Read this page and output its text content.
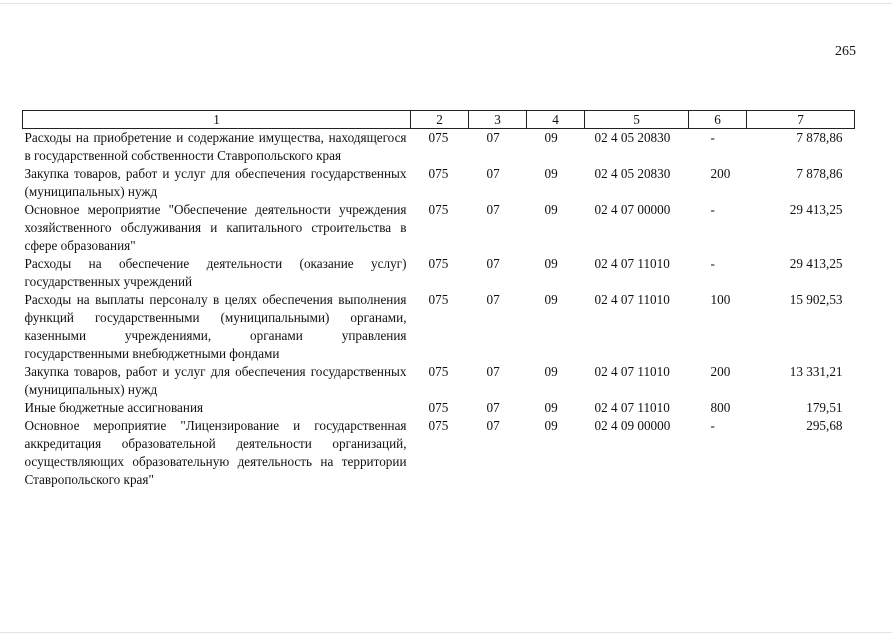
265
1	2	3	4	5	6	7
Расходы на приобретение и содержание имущества, находящегося в государственной собственности Ставропольского края	075	07	09	02 4 05 20830	-	7 878,86
Закупка товаров, работ и услуг для обеспечения государственных (муниципальных) нужд	075	07	09	02 4 05 20830	200	7 878,86
Основное мероприятие "Обеспечение деятельности учреждения хозяйственного обслуживания и капитального строительства в сфере образования"	075	07	09	02 4 07 00000	-	29 413,25
Расходы на обеспечение деятельности (оказание услуг) государственных учреждений	075	07	09	02 4 07 11010	-	29 413,25
Расходы на выплаты персоналу в целях обеспечения выполнения функций государственными (муниципальными) органами, казенными учреждениями, органами управления государственными внебюджетными фондами	075	07	09	02 4 07 11010	100	15 902,53
Закупка товаров, работ и услуг для обеспечения государственных (муниципальных) нужд	075	07	09	02 4 07 11010	200	13 331,21
Иные бюджетные ассигнования	075	07	09	02 4 07 11010	800	179,51
Основное мероприятие "Лицензирование и государственная аккредитация образовательной деятельности организаций, осуществляющих образовательную деятельность на территории Ставропольского края"	075	07	09	02 4 09 00000	-	295,68
